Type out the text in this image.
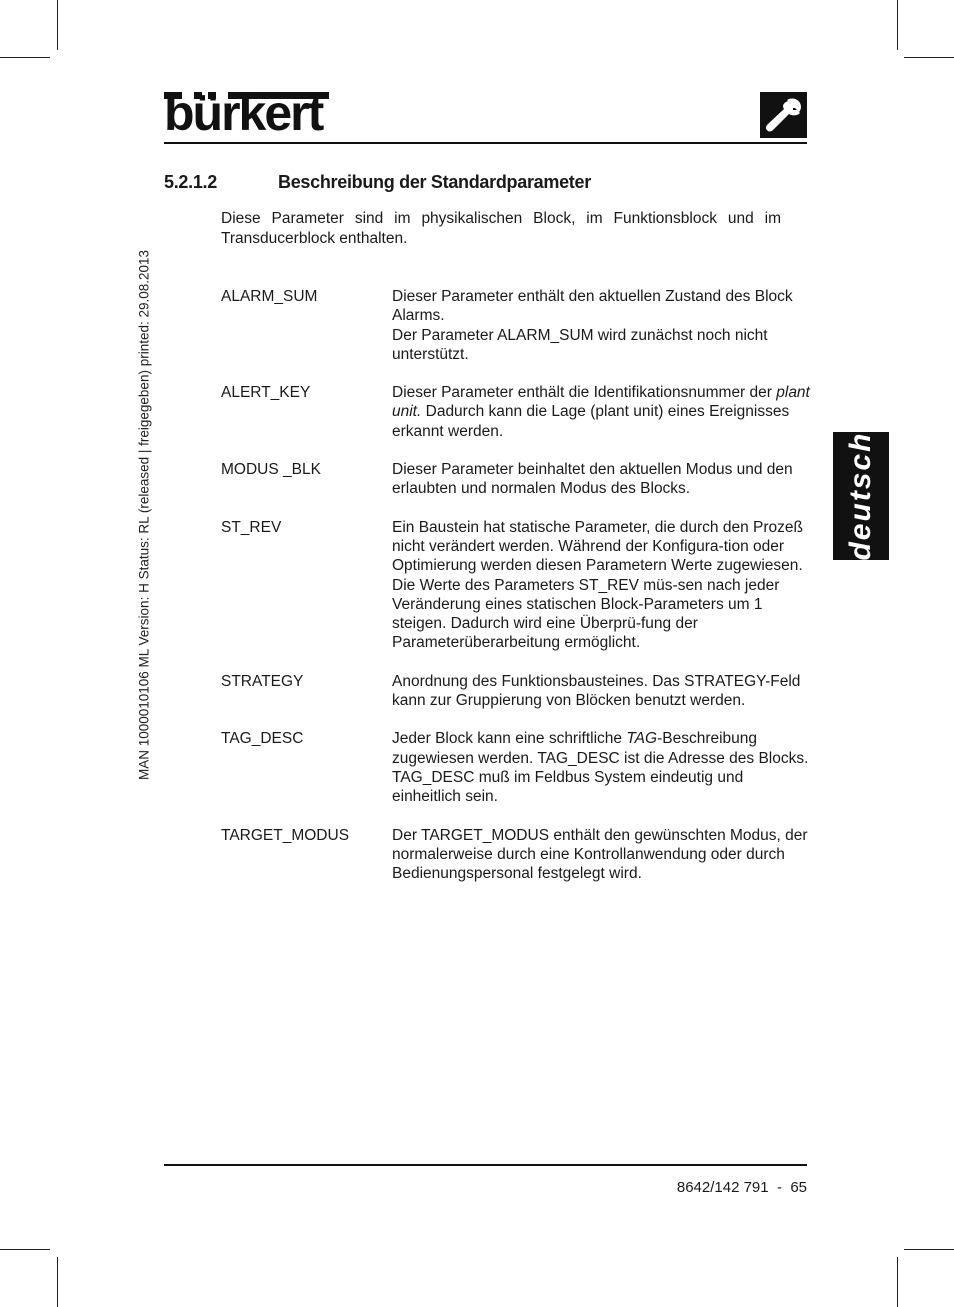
bürkert
MAN 1000010106 ML Version: H Status: RL (released | freigegeben) printed: 29.08.2013	deutsch
5.2.1.2	Beschreibung der Standardparameter
Diese Parameter sind im physikalischen Block, im Funktionsblock und im Transducerblock enthalten.
ALARM_SUM	Dieser Parameter enthält den aktuellen Zustand des Block Alarms.

Der Parameter ALARM_SUM wird zunächst noch nicht unterstützt.

ALERT_KEY	Dieser Parameter enthält die Identifikationsnummer der plant unit. Dadurch kann die Lage (plant unit) eines Ereignisses erkannt werden.
MODUS _BLK	Dieser Parameter beinhaltet den aktuellen Modus und den erlaubten und normalen Modus des Blocks.
ST_REV	Ein Baustein hat statische Parameter, die durch den Prozeß nicht verändert werden. Während der Konfigura-tion oder Optimierung werden diesen Parametern Werte zugewiesen. Die Werte des Parameters ST_REV müs-sen nach jeder Veränderung eines statischen Block-Parameters um 1 steigen. Dadurch wird eine Überprü-fung der Parameterüberarbeitung ermöglicht.
STRATEGY	Anordnung des Funktionsbausteines. Das STRATEGY-Feld kann zur Gruppierung von Blöcken benutzt werden.
TAG_DESC	Jeder Block kann eine schriftliche TAG-Beschreibung zugewiesen werden. TAG_DESC ist die Adresse des Blocks. TAG_DESC muß im Feldbus System eindeutig und einheitlich sein.
TARGET_MODUS	Der TARGET_MODUS enthält den gewünschten Modus, der normalerweise durch eine Kontrollanwendung oder durch Bedienungspersonal festgelegt wird.
8642/142 791 - 65
